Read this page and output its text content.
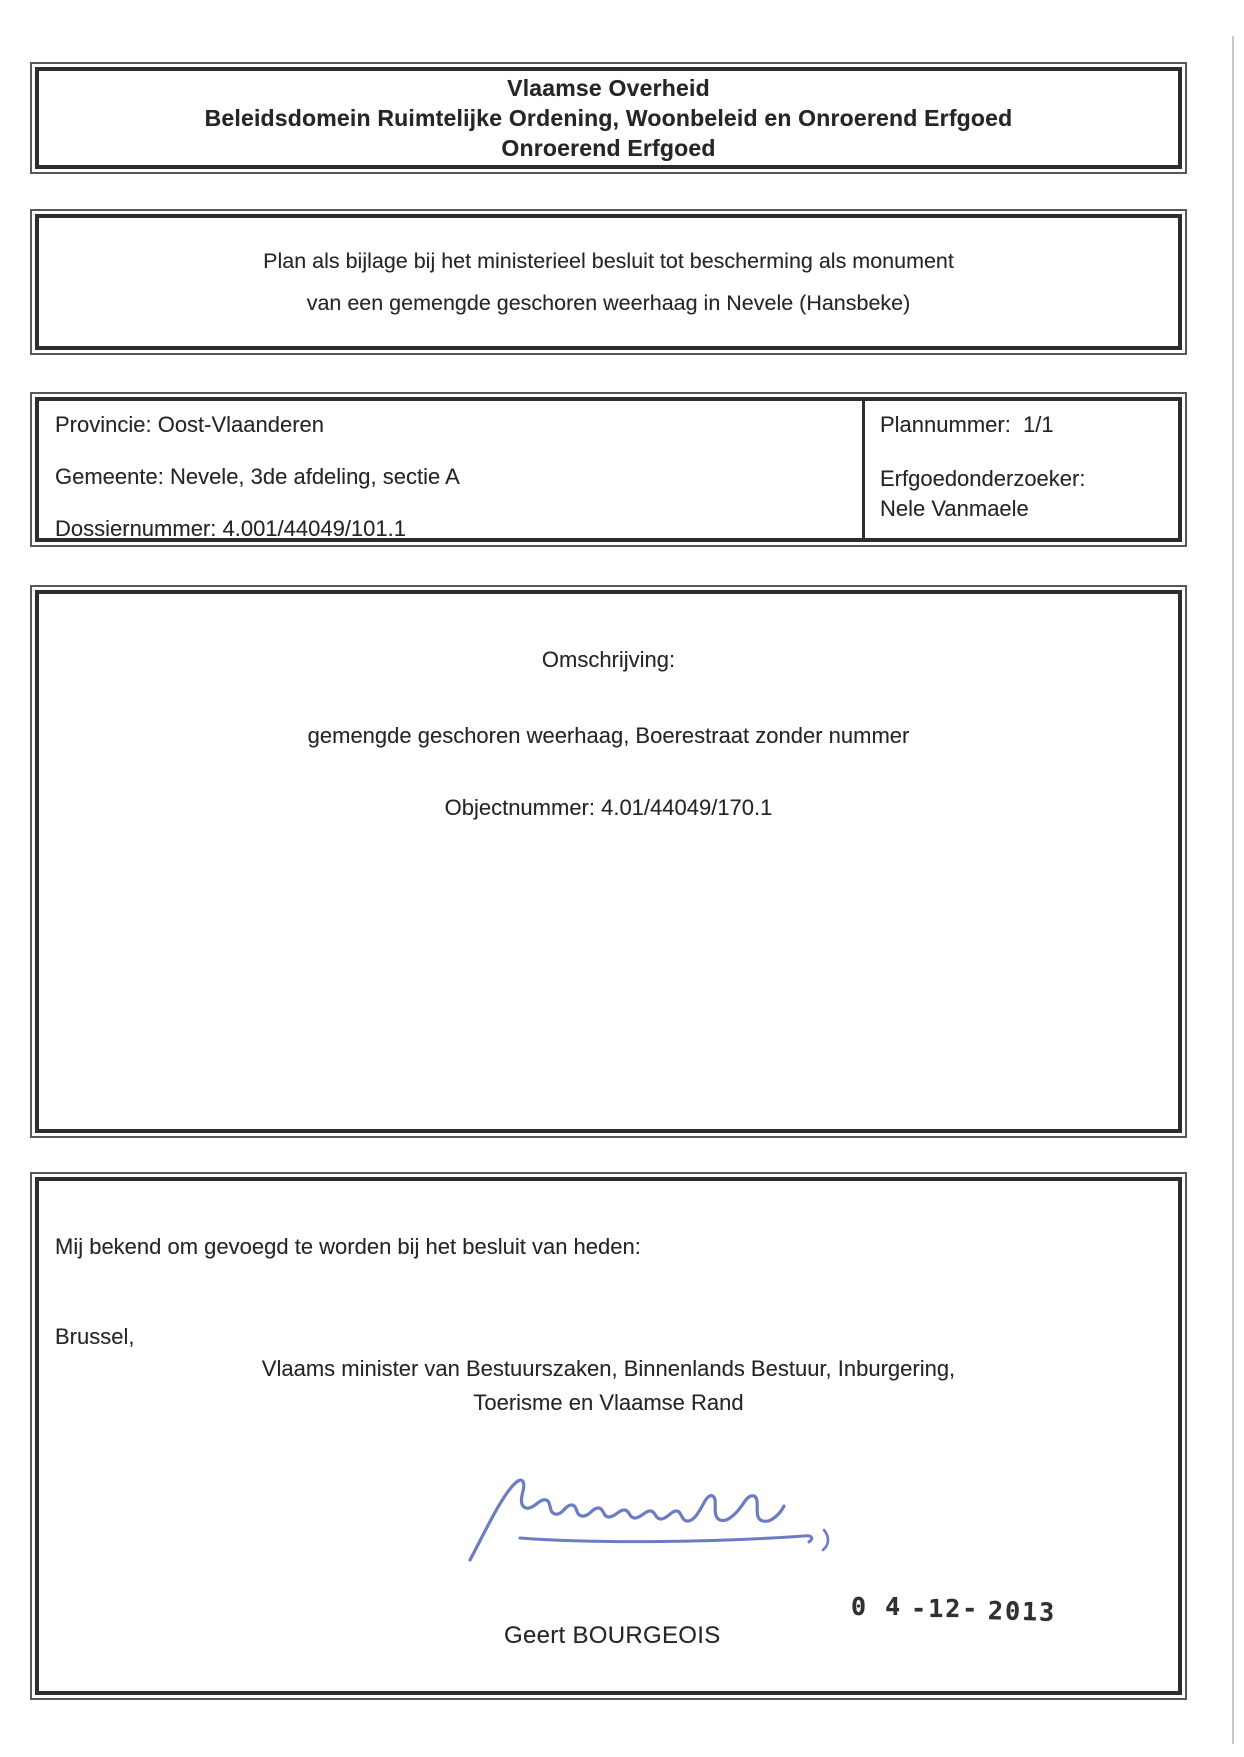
Vlaamse Overheid
Beleidsdomein Ruimtelijke Ordening, Woonbeleid en Onroerend Erfgoed
Onroerend Erfgoed
Plan als bijlage bij het ministerieel besluit tot bescherming als monument
van een gemengde geschoren weerhaag in Nevele (Hansbeke)
Provincie: Oost-Vlaanderen
Gemeente: Nevele, 3de afdeling, sectie A
Dossiernummer: 4.001/44049/101.1
Plannummer:  1/1
Erfgoedonderzoeker:
Nele Vanmaele
Omschrijving:
gemengde geschoren weerhaag, Boerestraat zonder nummer
Objectnummer: 4.01/44049/170.1
Mij bekend om gevoegd te worden bij het besluit van heden:
Brussel,
Vlaams minister van Bestuurszaken, Binnenlands Bestuur, Inburgering,
Toerisme en Vlaamse Rand
Geert BOURGEOIS
0 4 -12- 2013
